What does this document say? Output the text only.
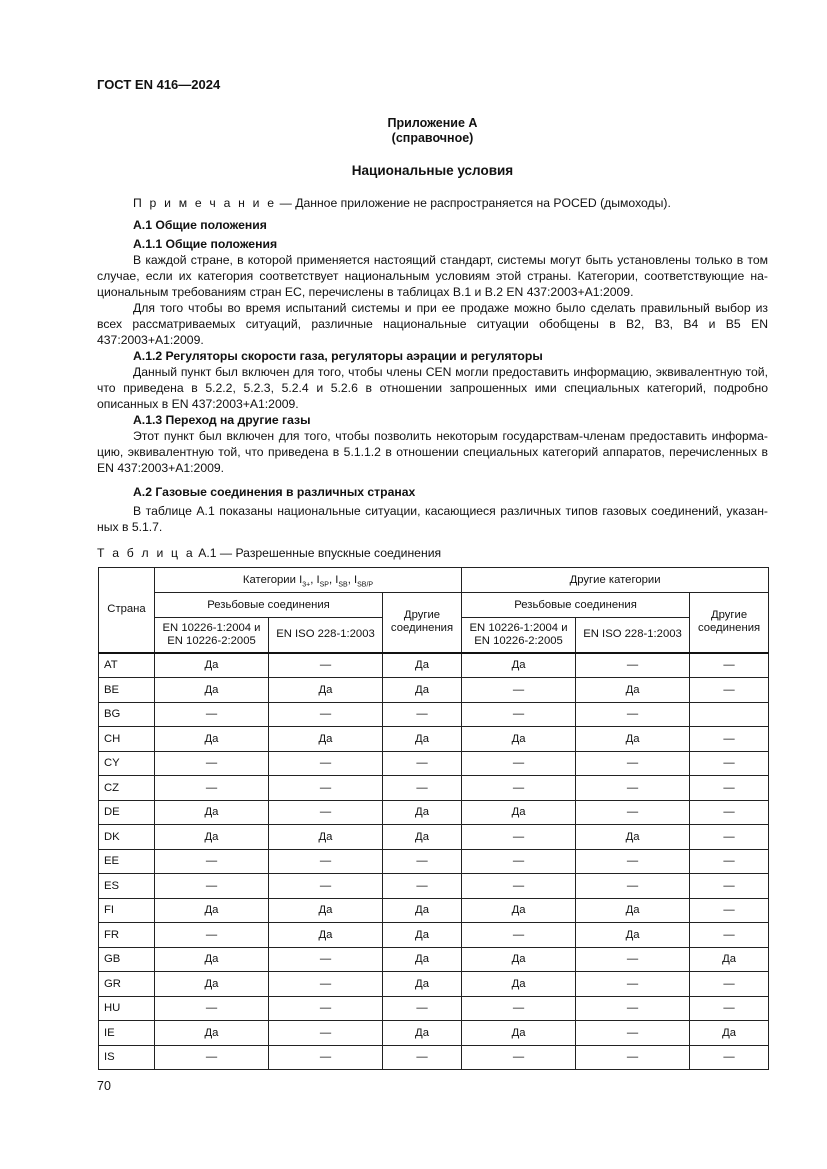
ГОСТ EN 416—2024
Приложение А
(справочное)
Национальные условия

П р и м е ч а н и е — Данное приложение не распространяется на POCED (дымоходы).

А.1 Общие положения
А.1.1 Общие положения

В каждой стране, в которой применяется настоящий стандарт, системы могут быть установлены только в том случае, если их категория соответствует национальным условиям этой страны. Категории, соответствующие на-циональным требованиям стран ЕС, перечислены в таблицах В.1 и В.2 EN 437:2003+A1:2009.

Для того чтобы во время испытаний системы и при ее продаже можно было сделать правильный выбор из всех рассматриваемых ситуаций, различные национальные ситуации обобщены в В2, В3, В4 и В5 EN 437:2003+A1:2009.

А.1.2 Регуляторы скорости газа, регуляторы аэрации и регуляторы

Данный пункт был включен для того, чтобы члены CEN могли предоставить информацию, эквивалентную той, что приведена в 5.2.2, 5.2.3, 5.2.4 и 5.2.6 в отношении запрошенных ими специальных категорий, подробно описанных в EN 437:2003+A1:2009.

А.1.3 Переход на другие газы

Этот пункт был включен для того, чтобы позволить некоторым государствам-членам предоставить информа-цию, эквивалентную той, что приведена в 5.1.1.2 в отношении специальных категорий аппаратов, перечисленных в EN 437:2003+A1:2009.

А.2 Газовые соединения в различных странах

В таблице А.1 показаны национальные ситуации, касающиеся различных типов газовых соединений, указан-ных в 5.1.7.

Т а б л и ц а А.1 — Разрешенные впускные соединения
Страна	Категории $I_{3+}$, $I_{SP}$, $I_{SB}$, $I_{SB/P}$			Другие категории		
	Резьбовые соединения		Другие соединения	Резьбовые соединения		Другие соединения
	EN 10226-1:2004 и EN 10226-2:2005	EN ISO 228-1:2003		EN 10226-1:2004 и EN 10226-2:2005	EN ISO 228-1:2003	
AT	Да	—	Да	Да	—	—
BE	Да	Да	Да	—	Да	—
BG	—	—	—	—	—	
CH	Да	Да	Да	Да	Да	—
CY	—	—	—	—	—	—
CZ	—	—	—	—	—	—
DE	Да	—	Да	Да	—	—
DK	Да	Да	Да	—	Да	—
EE	—	—	—	—	—	—
ES	—	—	—	—	—	—
FI	Да	Да	Да	Да	Да	—
FR	—	Да	Да	—	Да	—
GB	Да	—	Да	Да	—	Да
GR	Да	—	Да	Да	—	—
HU	—	—	—	—	—	—
IE	Да	—	Да	Да	—	Да
IS	—	—	—	—	—	—
70
